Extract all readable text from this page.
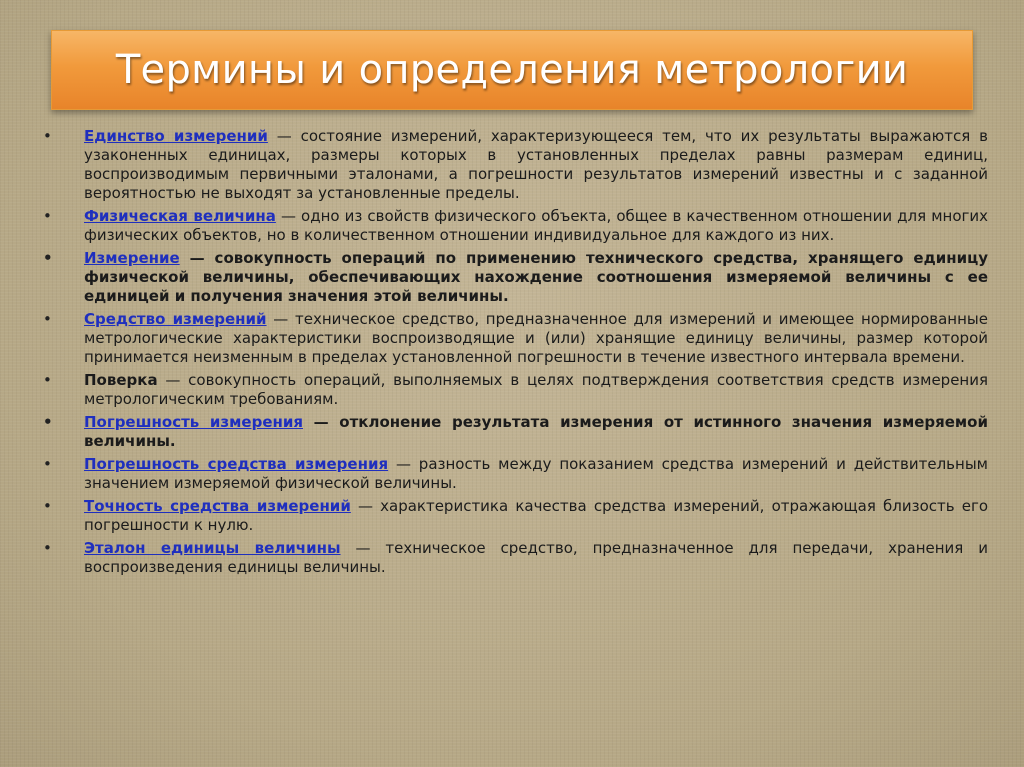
Термины и определения метрологии
• Единство измерений — состояние измерений, характеризующееся тем, что их результаты выражаются в узаконенных единицах, размеры которых в установленных пределах равны размерам единиц, воспроизводимым первичными эталонами, а погрешности результатов измерений известны и с заданной вероятностью не выходят за установленные пределы.
• Физическая величина — одно из свойств физического объекта, общее в качественном отношении для многих физических объектов, но в количественном отношении индивидуальное для каждого из них.
• Измерение — совокупность операций по применению технического средства, хранящего единицу физической величины, обеспечивающих нахождение соотношения измеряемой величины с ее единицей и получения значения этой величины.
• Средство измерений — техническое средство, предназначенное для измерений и имеющее нормированные метрологические характеристики воспроизводящие и (или) хранящие единицу величины, размер которой принимается неизменным в пределах установленной погрешности в течение известного интервала времени.
• Поверка — совокупность операций, выполняемых в целях подтверждения соответствия средств измерения метрологическим требованиям.
• Погрешность измерения — отклонение результата измерения от истинного значения измеряемой величины.
• Погрешность средства измерения — разность между показанием средства измерений и действительным значением измеряемой физической величины.
• Точность средства измерений — характеристика качества средства измерений, отражающая близость его погрешности к нулю.
• Эталон единицы величины — техническое средство, предназначенное для передачи, хранения и воспроизведения единицы величины.
